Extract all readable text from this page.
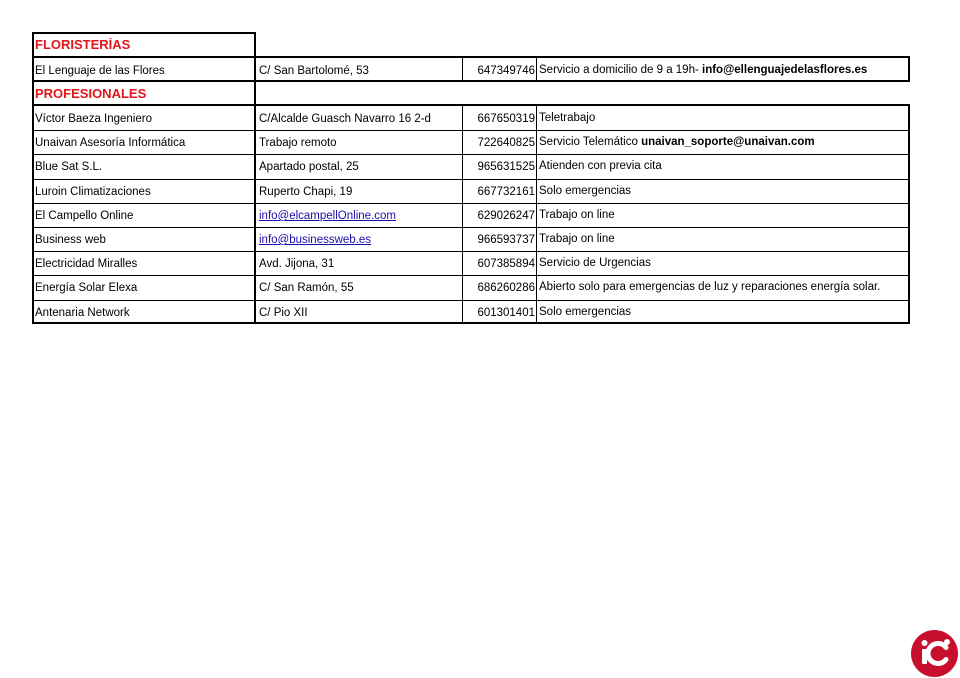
FLORISTERÍAS
El Lenguaje de las Flores	C/ San Bartolomé, 53	647349746 Servicio a domicilio de 9 a 19h- info@ellenguajedelasflores.es
PROFESIONALES
Víctor Baeza Ingeniero	C/Alcalde Guasch Navarro 16 2-d	667650319 Teletrabajo
Unaivan Asesoría Informática	Trabajo remoto	722640825 Servicio Telemático unaivan_soporte@unaivan.com
Blue Sat S.L.	Apartado postal, 25	965631525 Atienden con previa cita
Luroin Climatizaciones	Ruperto Chapi, 19	667732161 Solo emergencias
El Campello Online	info@elcampellOnline.com	629026247 Trabajo on line
Business web	info@businessweb.es	966593737 Trabajo on line
Electricidad Miralles	Avd. Jijona, 31	607385894 Servicio de Urgencias
Energía Solar Elexa	C/ San Ramón, 55	686260286 Abierto solo para emergencias de luz y reparaciones energía solar.
Antenaria Network	C/ Pio XII	601301401 Solo emergencias
